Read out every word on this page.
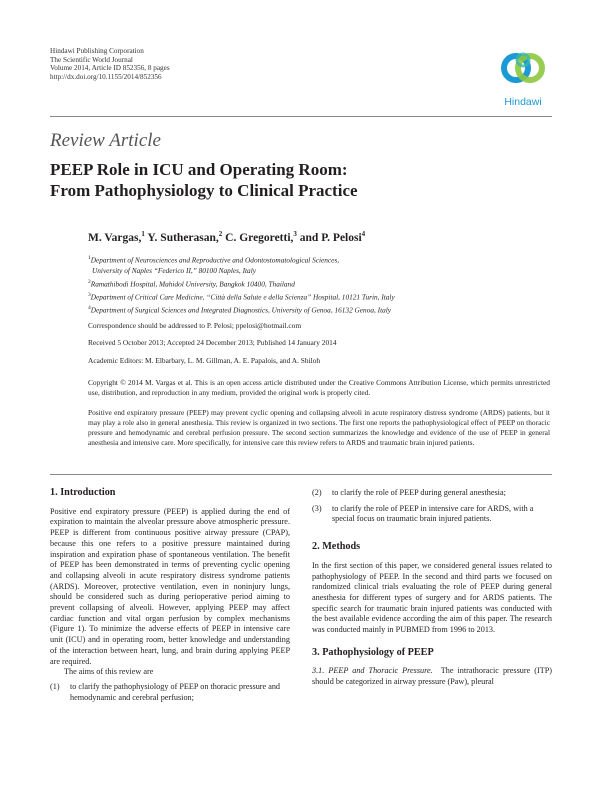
Hindawi Publishing Corporation
The Scientific World Journal
Volume 2014, Article ID 852356, 8 pages
http://dx.doi.org/10.1155/2014/852356
Hindawi
Review Article
PEEP Role in ICU and Operating Room:
From Pathophysiology to Clinical Practice
M. Vargas,$^1$ Y. Sutherasan,$^2$ C. Gregoretti,$^3$ and P. Pelosi$^4$
$^1$Department of Neurosciences and Reproductive and Odontostomatological Sciences,
University of Naples “Federico II,” 80100 Naples, Italy
$^2$Ramathibodi Hospital, Mahidol University, Bangkok 10400, Thailand
$^3$Department of Critical Care Medicine, “Città della Salute e della Scienza” Hospital, 10121 Turin, Italy
$^4$Department of Surgical Sciences and Integrated Diagnostics, University of Genoa, 16132 Genoa, Italy
Correspondence should be addressed to P. Pelosi; ppelosi@hotmail.com
Received 5 October 2013; Accepted 24 December 2013; Published 14 January 2014
Academic Editors: M. Elbarbary, L. M. Gillman, A. E. Papalois, and A. Shiloh
Copyright © 2014 M. Vargas et al. This is an open access article distributed under the Creative Commons Attribution License, which permits unrestricted use, distribution, and reproduction in any medium, provided the original work is properly cited.
Positive end expiratory pressure (PEEP) may prevent cyclic opening and collapsing alveoli in acute respiratory distress syndrome (ARDS) patients, but it may play a role also in general anesthesia. This review is organized in two sections. The first one reports the pathophysiological effect of PEEP on thoracic pressure and hemodynamic and cerebral perfusion pressure. The second section summarizes the knowledge and evidence of the use of PEEP in general anesthesia and intensive care. More specifically, for intensive care this review refers to ARDS and traumatic brain injured patients.
1. Introduction

Positive end expiratory pressure (PEEP) is applied during the end of expiration to maintain the alveolar pressure above atmospheric pressure. PEEP is different from continuous positive airway pressure (CPAP), because this one refers to a positive pressure maintained during inspiration and expiration phase of spontaneous ventilation. The benefit of PEEP has been demonstrated in terms of preventing cyclic opening and collapsing alveoli in acute respiratory distress syndrome patients (ARDS). Moreover, protective ventilation, even in noninjury lungs, should be considered such as during perioperative period aiming to prevent collapsing of alveoli. However, applying PEEP may affect cardiac function and vital organ perfusion by complex mechanisms (Figure 1). To minimize the adverse effects of PEEP in intensive care unit (ICU) and in operating room, better knowledge and understanding of the interaction between heart, lung, and brain during applying PEEP are required.

The aims of this review are

(1)	to clarify the pathophysiology of PEEP on thoracic pressure and hemodynamic and cerebral perfusion;
(2)	to clarify the role of PEEP during general anesthesia;
(3)	to clarify the role of PEEP in intensive care for ARDS, with a special focus on traumatic brain injured patients.
2. Methods

In the first section of this paper, we considered general issues related to pathophysiology of PEEP. In the second and third parts we focused on randomized clinical trials evaluating the role of PEEP during general anesthesia for different types of surgery and for ARDS patients. The specific search for traumatic brain injured patients was conducted with the best available evidence according the aim of this paper. The research was conducted mainly in PUBMED from 1996 to 2013.

3. Pathophysiology of PEEP

3.1. PEEP and Thoracic Pressure. The intrathoracic pressure (ITP) should be categorized in airway pressure (Paw), pleural
